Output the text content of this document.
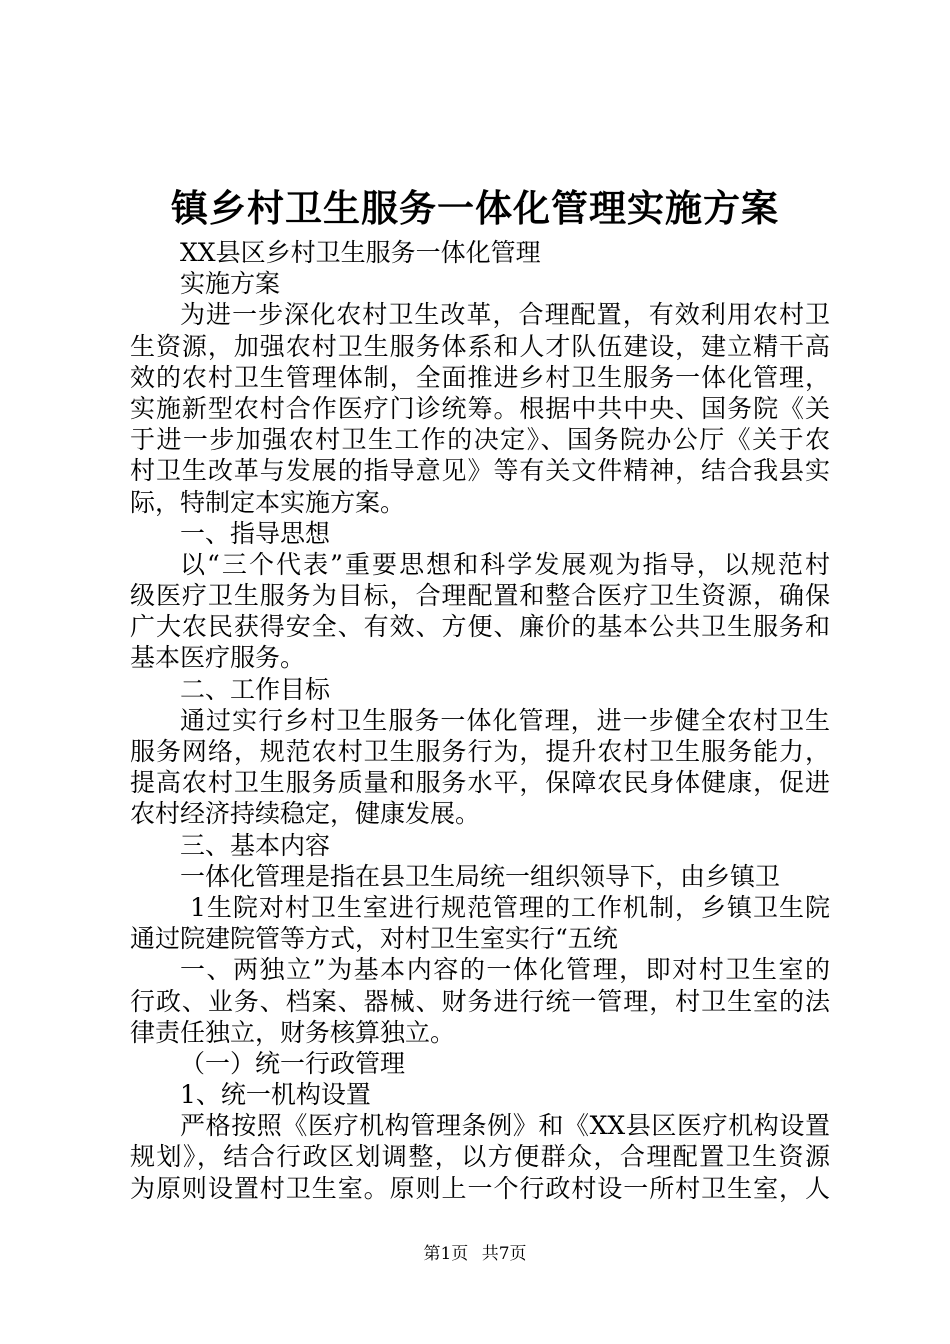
镇乡村卫生服务一体化管理实施方案
XX县区乡村卫生服务一体化管理
实施方案
为进一步深化农村卫生改革，合理配置，有效利用农村卫
生资源，加强农村卫生服务体系和人才队伍建设，建立精干高
效的农村卫生管理体制，全面推进乡村卫生服务一体化管理，
实施新型农村合作医疗门诊统筹。根据中共中央、国务院《关
于进一步加强农村卫生工作的决定》、国务院办公厅《关于农
村卫生改革与发展的指导意见》等有关文件精神，结合我县实
际，特制定本实施方案。
一、指导思想
以“三个代表”重要思想和科学发展观为指导，以规范村
级医疗卫生服务为目标，合理配置和整合医疗卫生资源，确保
广大农民获得安全、有效、方便、廉价的基本公共卫生服务和
基本医疗服务。
二、工作目标
通过实行乡村卫生服务一体化管理，进一步健全农村卫生
服务网络，规范农村卫生服务行为，提升农村卫生服务能力，
提高农村卫生服务质量和服务水平，保障农民身体健康，促进
农村经济持续稳定，健康发展。
三、基本内容
一体化管理是指在县卫生局统一组织领导下，由乡镇卫
1生院对村卫生室进行规范管理的工作机制，乡镇卫生院
通过院建院管等方式，对村卫生室实行“五统
一、两独立”为基本内容的一体化管理，即对村卫生室的
行政、业务、档案、器械、财务进行统一管理，村卫生室的法
律责任独立，财务核算独立。
（一）统一行政管理
1、统一机构设置
严格按照《医疗机构管理条例》和《XX县区医疗机构设置
规划》，结合行政区划调整，以方便群众，合理配置卫生资源
为原则设置村卫生室。原则上一个行政村设一所村卫生室，人
第1页 共7页
